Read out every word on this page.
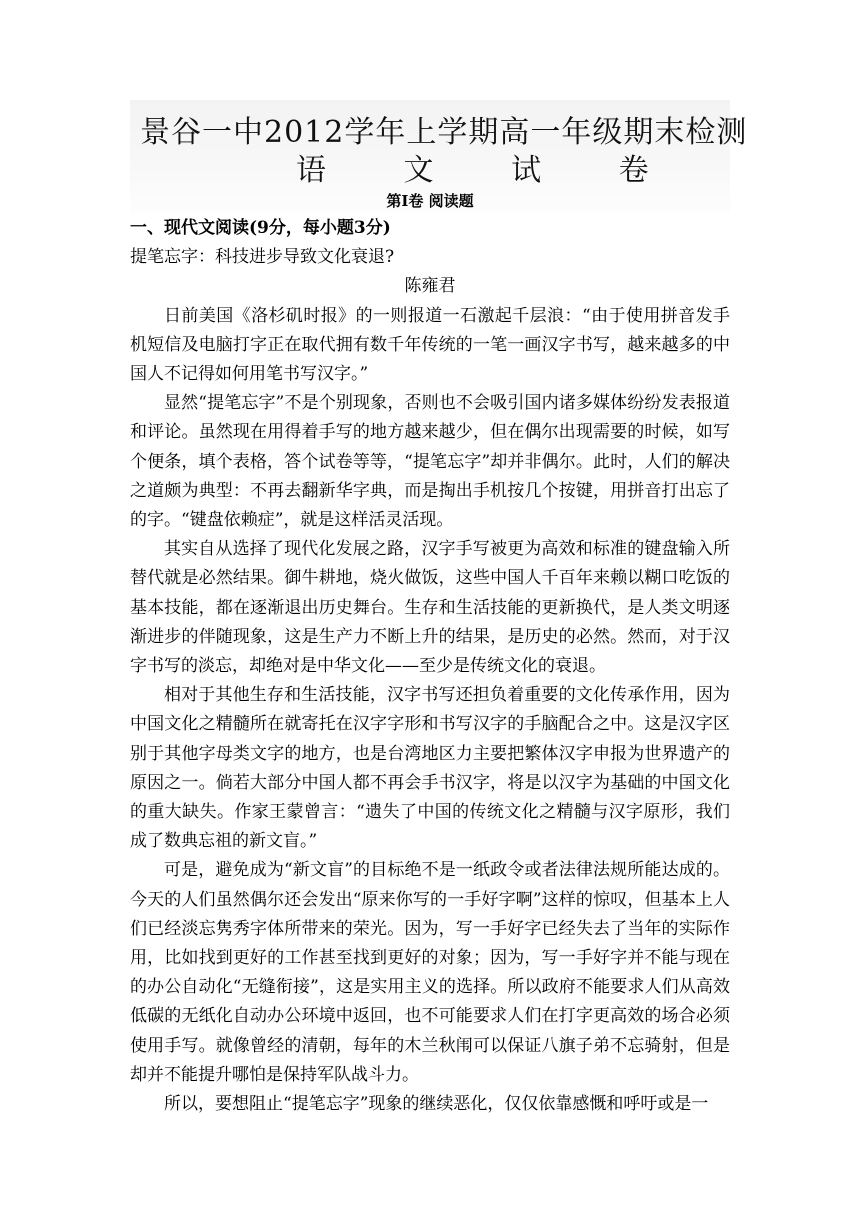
景谷一中2012学年上学期高一年级期末检测
语 文 试 卷
第Ⅰ卷 阅读题

一、现代文阅读(9分，每小题3分)

提笔忘字：科技进步导致文化衰退?

陈雍君

日前美国《洛杉矶时报》的一则报道一石激起千层浪：“由于使用拼音发手机短信及电脑打字正在取代拥有数千年传统的一笔一画汉字书写，越来越多的中国人不记得如何用笔书写汉字。”

显然“提笔忘字”不是个别现象，否则也不会吸引国内诸多媒体纷纷发表报道和评论。虽然现在用得着手写的地方越来越少，但在偶尔出现需要的时候，如写个便条，填个表格，答个试卷等等，“提笔忘字”却并非偶尔。此时，人们的解决之道颇为典型：不再去翻新华字典，而是掏出手机按几个按键，用拼音打出忘了的字。“键盘依赖症”，就是这样活灵活现。

其实自从选择了现代化发展之路，汉字手写被更为高效和标准的键盘输入所替代就是必然结果。御牛耕地，烧火做饭，这些中国人千百年来赖以糊口吃饭的基本技能，都在逐渐退出历史舞台。生存和生活技能的更新换代，是人类文明逐渐进步的伴随现象，这是生产力不断上升的结果，是历史的必然。然而，对于汉字书写的淡忘，却绝对是中华文化——至少是传统文化的衰退。

相对于其他生存和生活技能，汉字书写还担负着重要的文化传承作用，因为中国文化之精髓所在就寄托在汉字字形和书写汉字的手脑配合之中。这是汉字区别于其他字母类文字的地方，也是台湾地区力主要把繁体汉字申报为世界遗产的原因之一。倘若大部分中国人都不再会手书汉字，将是以汉字为基础的中国文化的重大缺失。作家王蒙曾言：“遗失了中国的传统文化之精髓与汉字原形，我们成了数典忘祖的新文盲。”

可是，避免成为“新文盲”的目标绝不是一纸政令或者法律法规所能达成的。今天的人们虽然偶尔还会发出“原来你写的一手好字啊”这样的惊叹，但基本上人们已经淡忘隽秀字体所带来的荣光。因为，写一手好字已经失去了当年的实际作用，比如找到更好的工作甚至找到更好的对象；因为，写一手好字并不能与现在的办公自动化“无缝衔接”，这是实用主义的选择。所以政府不能要求人们从高效低碳的无纸化自动办公环境中返回，也不可能要求人们在打字更高效的场合必须使用手写。就像曾经的清朝，每年的木兰秋闱可以保证八旗子弟不忘骑射，但是却并不能提升哪怕是保持军队战斗力。

所以，要想阻止“提笔忘字”现象的继续恶化，仅仅依靠感慨和呼吁或是一
